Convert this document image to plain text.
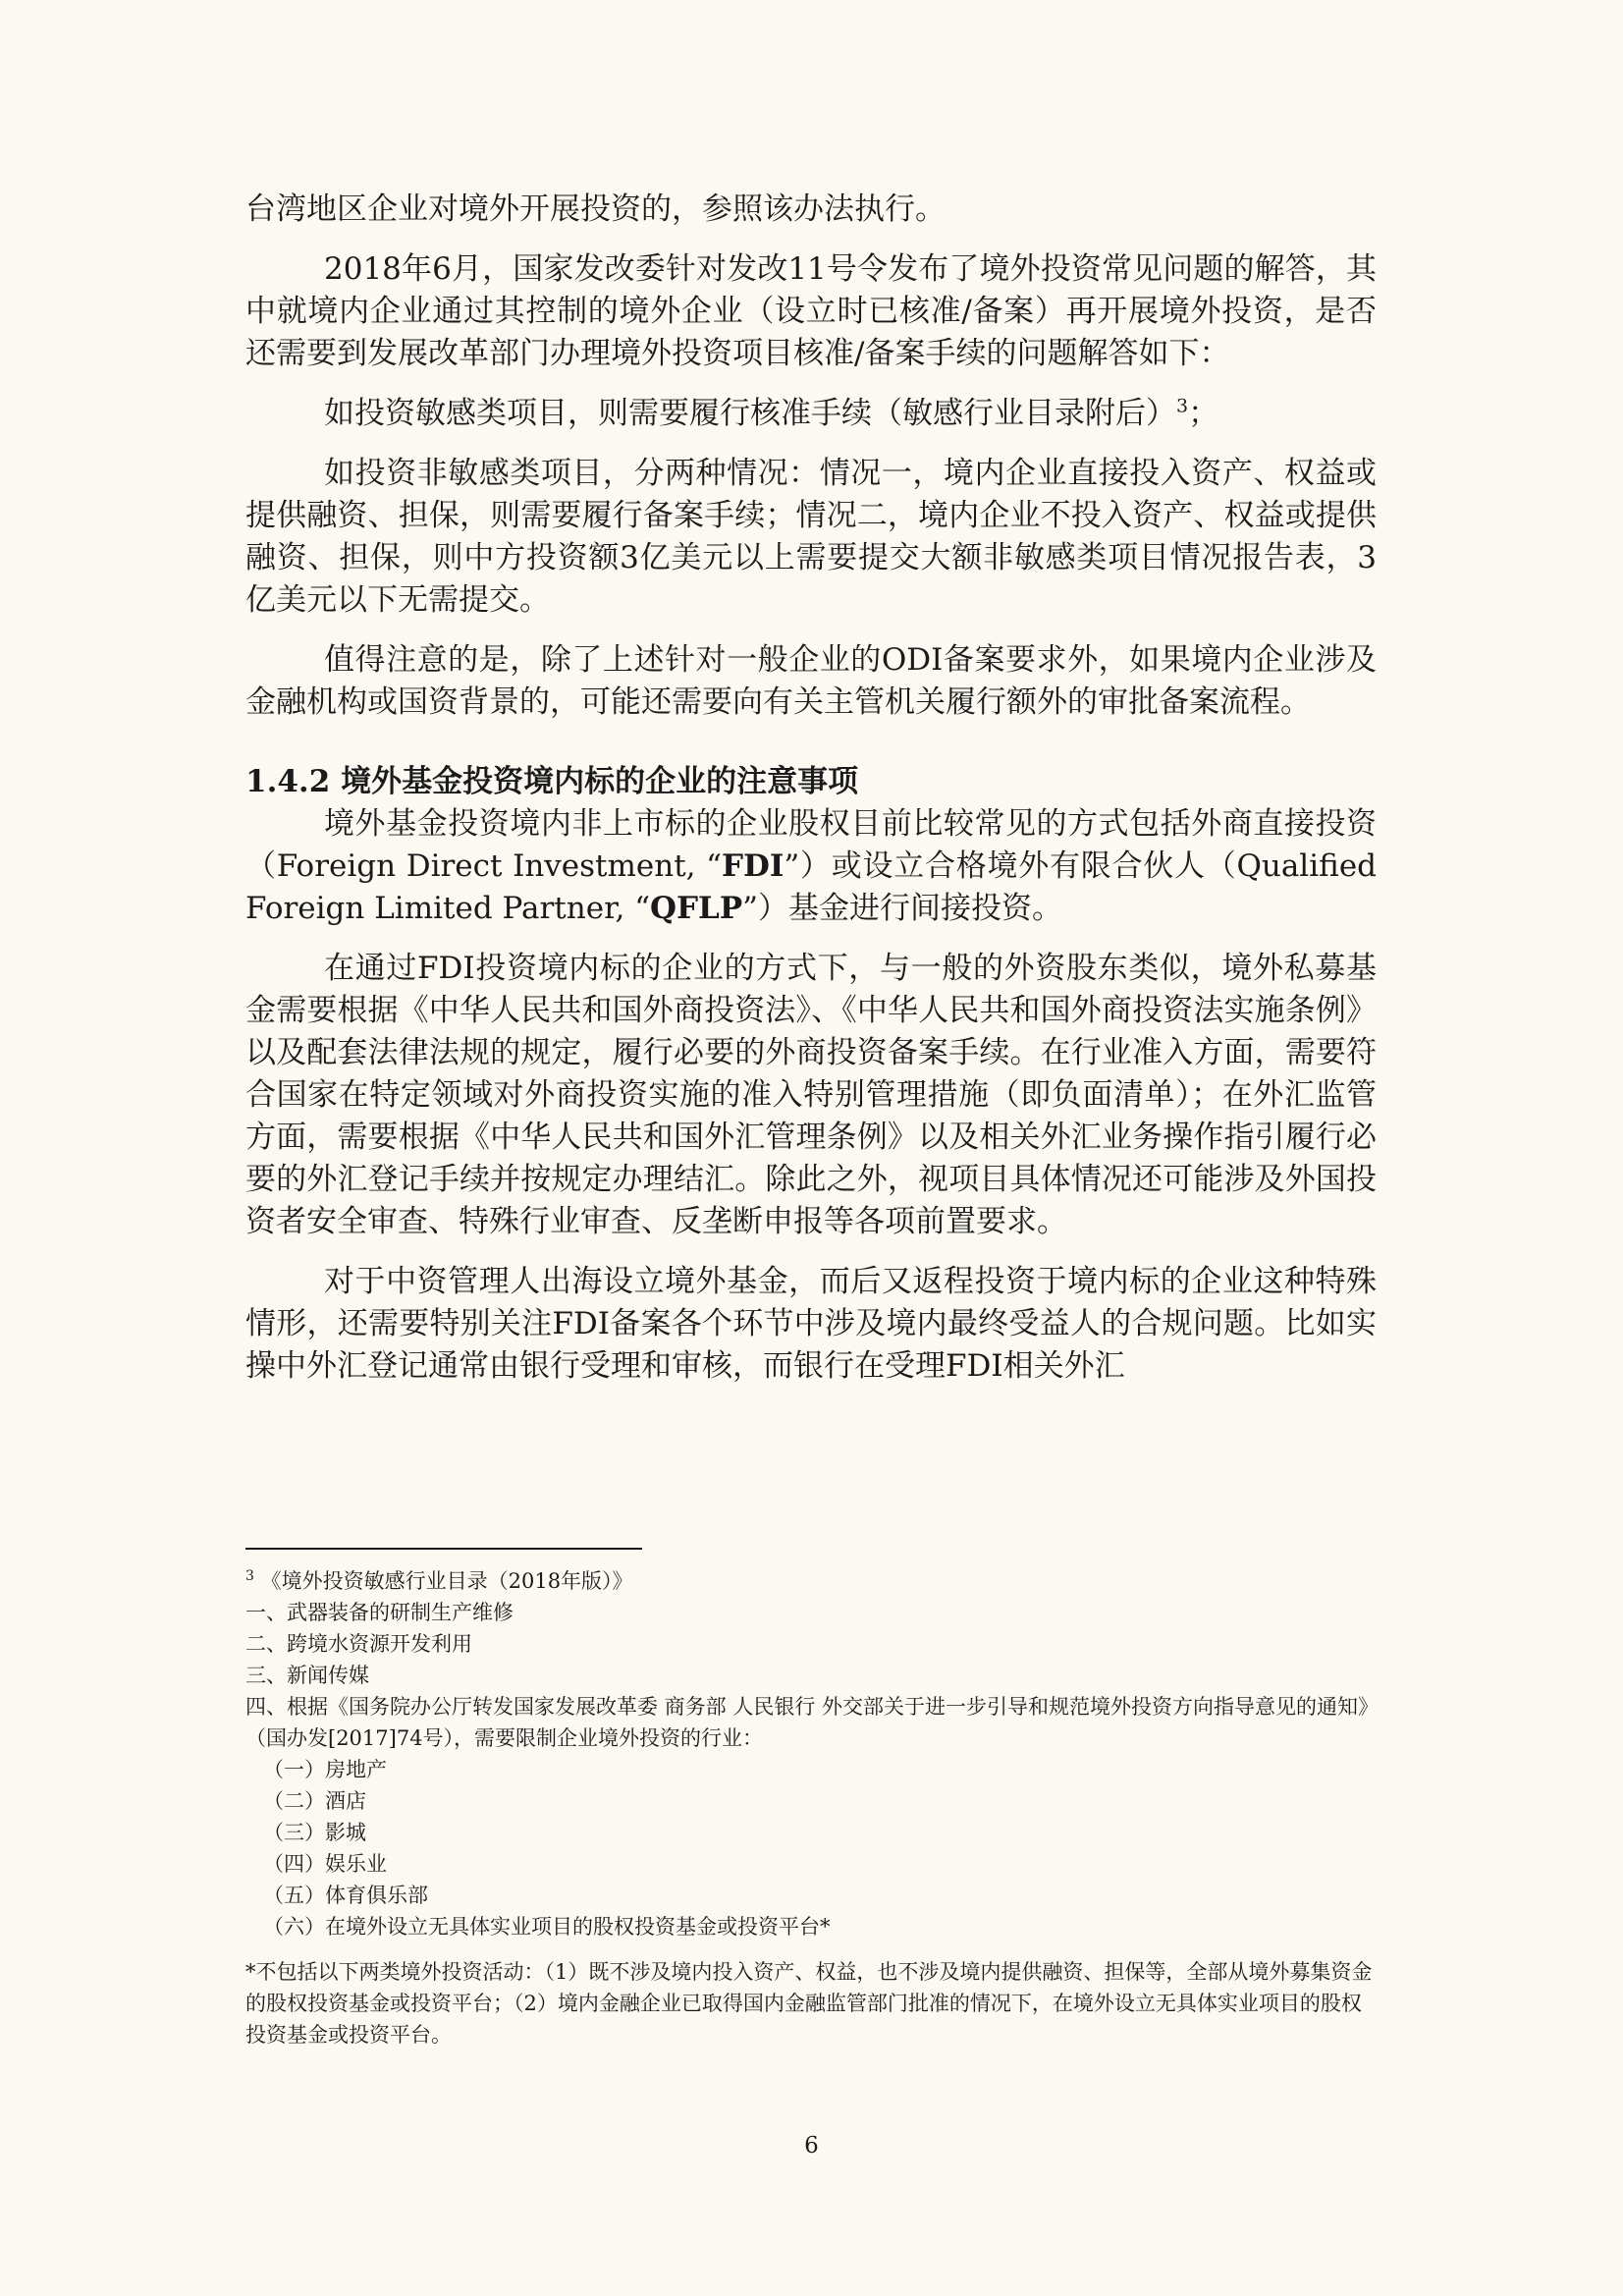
台湾地区企业对境外开展投资的，参照该办法执行。

2018年6月，国家发改委针对发改11号令发布了境外投资常见问题的解答，其中就境内企业通过其控制的境外企业（设立时已核准/备案）再开展境外投资，是否还需要到发展改革部门办理境外投资项目核准/备案手续的问题解答如下：

如投资敏感类项目，则需要履行核准手续（敏感行业目录附后）$^3$；

如投资非敏感类项目，分两种情况：情况一，境内企业直接投入资产、权益或提供融资、担保，则需要履行备案手续；情况二，境内企业不投入资产、权益或提供融资、担保，则中方投资额3亿美元以上需要提交大额非敏感类项目情况报告表，3亿美元以下无需提交。

值得注意的是，除了上述针对一般企业的ODI备案要求外，如果境内企业涉及金融机构或国资背景的，可能还需要向有关主管机关履行额外的审批备案流程。

1.4.2 境外基金投资境内标的企业的注意事项

境外基金投资境内非上市标的企业股权目前比较常见的方式包括外商直接投资（Foreign Direct Investment, “FDI”）或设立合格境外有限合伙人（Qualified Foreign Limited Partner, “QFLP”）基金进行间接投资。

在通过FDI投资境内标的企业的方式下，与一般的外资股东类似，境外私募基金需要根据《中华人民共和国外商投资法》、《中华人民共和国外商投资法实施条例》以及配套法律法规的规定，履行必要的外商投资备案手续。在行业准入方面，需要符合国家在特定领域对外商投资实施的准入特别管理措施（即负面清单）；在外汇监管方面，需要根据《中华人民共和国外汇管理条例》以及相关外汇业务操作指引履行必要的外汇登记手续并按规定办理结汇。除此之外，视项目具体情况还可能涉及外国投资者安全审查、特殊行业审查、反垄断申报等各项前置要求。

对于中资管理人出海设立境外基金，而后又返程投资于境内标的企业这种特殊情形，还需要特别关注FDI备案各个环节中涉及境内最终受益人的合规问题。比如实操中外汇登记通常由银行受理和审核，而银行在受理FDI相关外汇

$^3$ 《境外投资敏感行业目录（2018年版）》

一、武器装备的研制生产维修

二、跨境水资源开发利用

三、新闻传媒

四、根据《国务院办公厅转发国家发展改革委 商务部 人民银行 外交部关于进一步引导和规范境外投资方向指导意见的通知》（国办发[2017]74号），需要限制企业境外投资的行业：

（一）房地产

（二）酒店

（三）影城

（四）娱乐业

（五）体育俱乐部

（六）在境外设立无具体实业项目的股权投资基金或投资平台*

*不包括以下两类境外投资活动：（1）既不涉及境内投入资产、权益，也不涉及境内提供融资、担保等，全部从境外募集资金的股权投资基金或投资平台；（2）境内金融企业已取得国内金融监管部门批准的情况下，在境外设立无具体实业项目的股权投资基金或投资平台。

6
